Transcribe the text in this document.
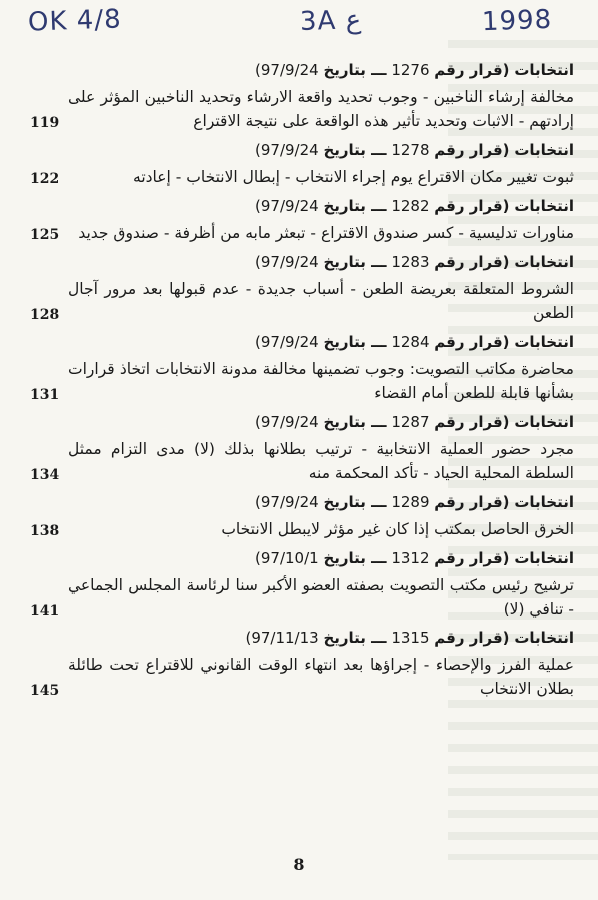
OK 4/8	3A ع	1998
انتخابات (قرار رقم 1276 ـــ بتاريخ 97/9/24)
مخالفة إرشاء الناخبين - وجوب تحديد واقعة الارشاء وتحديد الناخبين المؤثر على إرادتهم - الاثبات وتحديد تأثير هذه الواقعة على نتيجة الاقتراع
119
انتخابات (قرار رقم 1278 ـــ بتاريخ 97/9/24)
ثبوت تغيير مكان الاقتراع يوم إجراء الانتخاب - إبطال الانتخاب - إعادته
122
انتخابات (قرار رقم 1282 ـــ بتاريخ 97/9/24)
مناورات تدليسية - كسر صندوق الاقتراع - تبعثر مابه من أظرفة - صندوق جديد
125
انتخابات (قرار رقم 1283 ـــ بتاريخ 97/9/24)
الشروط المتعلقة بعريضة الطعن - أسباب جديدة - عدم قبولها بعد مرور آجال الطعن
128
انتخابات (قرار رقم 1284 ـــ بتاريخ 97/9/24)
محاضرة مكاتب التصويت: وجوب تضمينها مخالفة مدونة الانتخابات اتخاذ قرارات بشأنها قابلة للطعن أمام القضاء
131
انتخابات (قرار رقم 1287 ـــ بتاريخ 97/9/24)
مجرد حضور العملية الانتخابية - ترتيب بطلانها بذلك (لا) مدى التزام ممثل السلطة المحلية الحياد - تأكد المحكمة منه
134
انتخابات (قرار رقم 1289 ـــ بتاريخ 97/9/24)
الخرق الحاصل بمكتب إذا كان غير مؤثر لايبطل الانتخاب
138
انتخابات (قرار رقم 1312 ـــ بتاريخ 97/10/1)
ترشيح رئيس مكتب التصويت بصفته العضو الأكبر سنا لرئاسة المجلس الجماعي - تنافي (لا)
141
انتخابات (قرار رقم 1315 ـــ بتاريخ 97/11/13)
عملية الفرز والإحصاء - إجراؤها بعد انتهاء الوقت القانوني للاقتراع تحت طائلة بطلان الانتخاب
145
8
